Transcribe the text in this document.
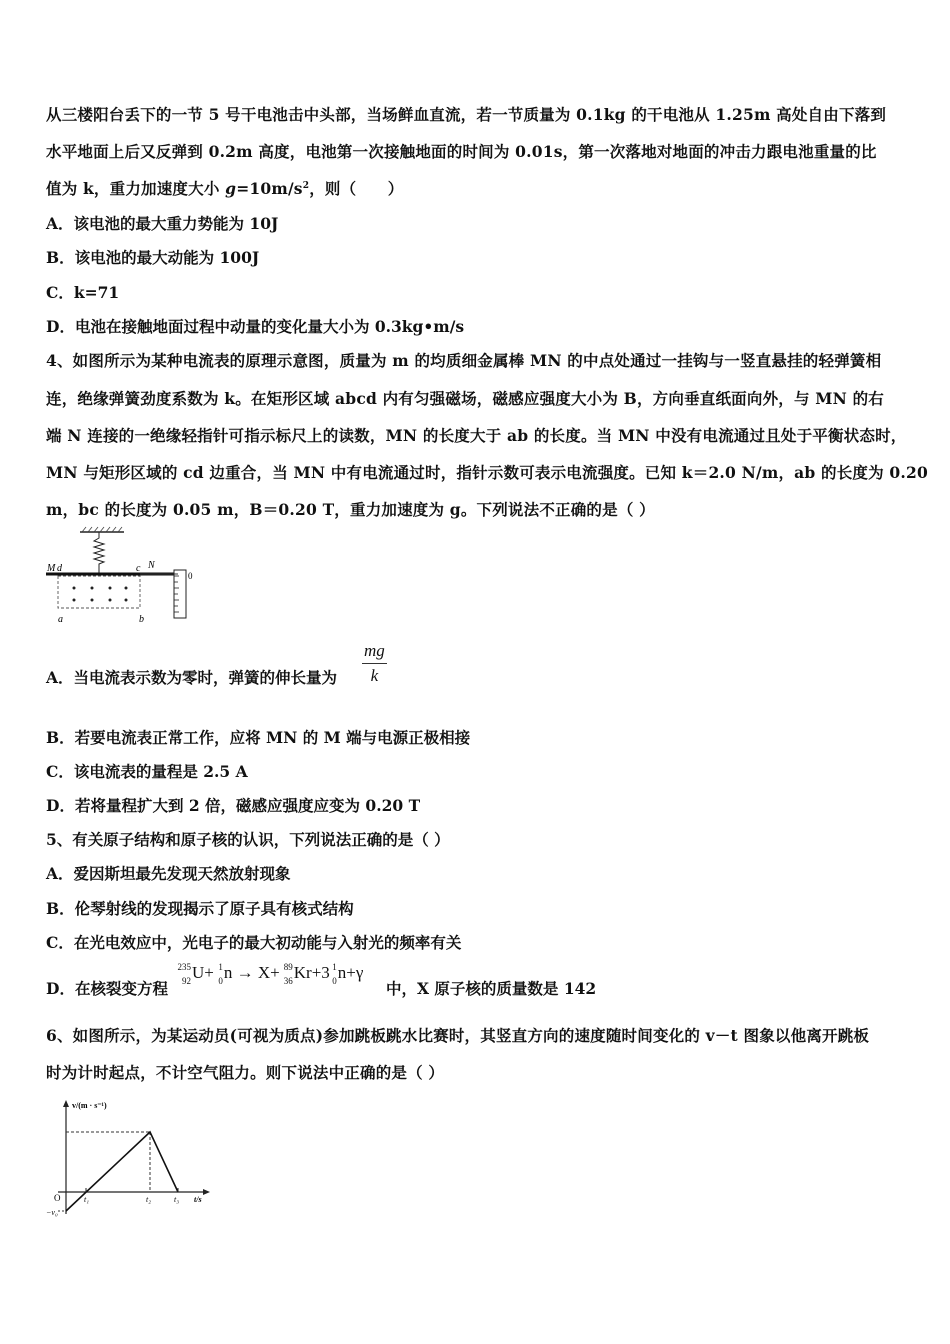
从三楼阳台丢下的一节 5 号干电池击中头部，当场鲜血直流，若一节质量为 0.1kg 的干电池从 1.25m 高处自由下落到
水平地面上后又反弹到 0.2m 高度，电池第一次接触地面的时间为 0.01s，第一次落地对地面的冲击力跟电池重量的比
值为 k，重力加速度大小 $g=10m/s^2$，则（　　）
A．该电池的最大重力势能为 10J
B．该电池的最大动能为 100J
C．k=71
D．电池在接触地面过程中动量的变化量大小为 0.3kg•m/s
4、如图所示为某种电流表的原理示意图，质量为 m 的均质细金属棒 MN 的中点处通过一挂钩与一竖直悬挂的轻弹簧相
连，绝缘弹簧劲度系数为 k。在矩形区域 abcd 内有匀强磁场，磁感应强度大小为 B，方向垂直纸面向外，与 MN 的右
端 N 连接的一绝缘轻指针可指示标尺上的读数，MN 的长度大于 ab 的长度。当 MN 中没有电流通过且处于平衡状态时，
MN 与矩形区域的 cd 边重合，当 MN 中有电流通过时，指针示数可表示电流强度。已知 k＝2.0 N/m，ab 的长度为 0.20
m，bc 的长度为 0.05 m，B＝0.20 T，重力加速度为 g。下列说法不正确的是（ ）
M d	c N
a	b
0
A．当电流表示数为零时，弹簧的伸长量为 $\frac{mg}{k}$
B．若要电流表正常工作，应将 MN 的 M 端与电源正极相接
C．该电流表的量程是 2.5 A
D．若将量程扩大到 2 倍，磁感应强度应变为 0.20 T
5、有关原子结构和原子核的认识，下列说法正确的是（ ）
A．爱因斯坦最先发现天然放射现象
B．伦琴射线的发现揭示了原子具有核式结构
C．在光电效应中，光电子的最大初动能与入射光的频率有关
D．在核裂变方程
235
92 U+ 1
0 n → X+ 89
36 Kr+3 1
0 n+γ
中，X 原子核的质量数是 142
6、如图所示，为某运动员(可视为质点)参加跳板跳水比赛时，其竖直方向的速度随时间变化的 v－t 图象以他离开跳板
时为计时起点，不计空气阻力。则下说法中正确的是（ ）
v/(m · s⁻¹)
t/s
O	t₁	t₂	t₃
−v₀
